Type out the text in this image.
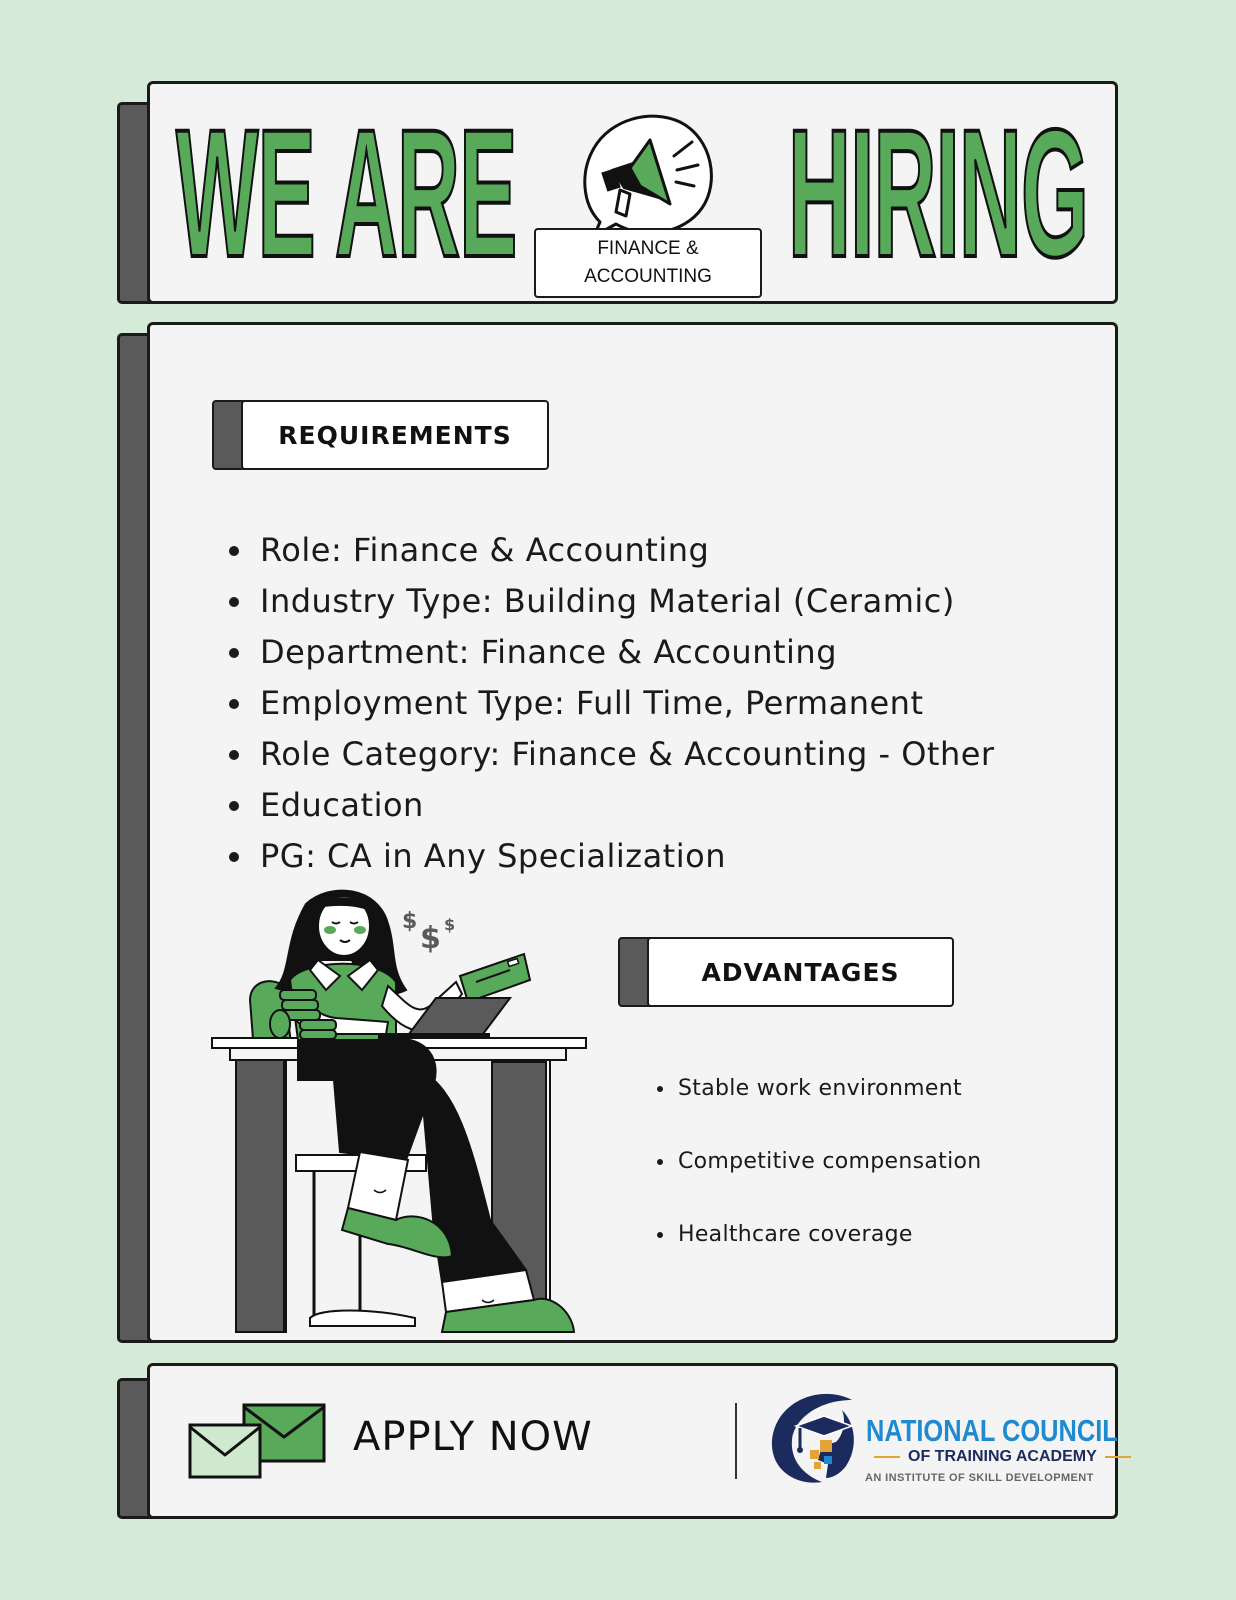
WE ARE HIRING
FINANCE &
ACCOUNTING
REQUIREMENTS
• Role: Finance & Accounting
• Industry Type: Building Material (Ceramic)
• Department: Finance & Accounting
• Employment Type: Full Time, Permanent
• Role Category: Finance & Accounting - Other
• Education
• PG: CA in Any Specialization
ADVANTAGES
• Stable work environment
• Competitive compensation
• Healthcare coverage
$ $ $
APPLY NOW	NATIONAL COUNCIL
OF TRAINING ACADEMY
AN INSTITUTE OF SKILL DEVELOPMENT
